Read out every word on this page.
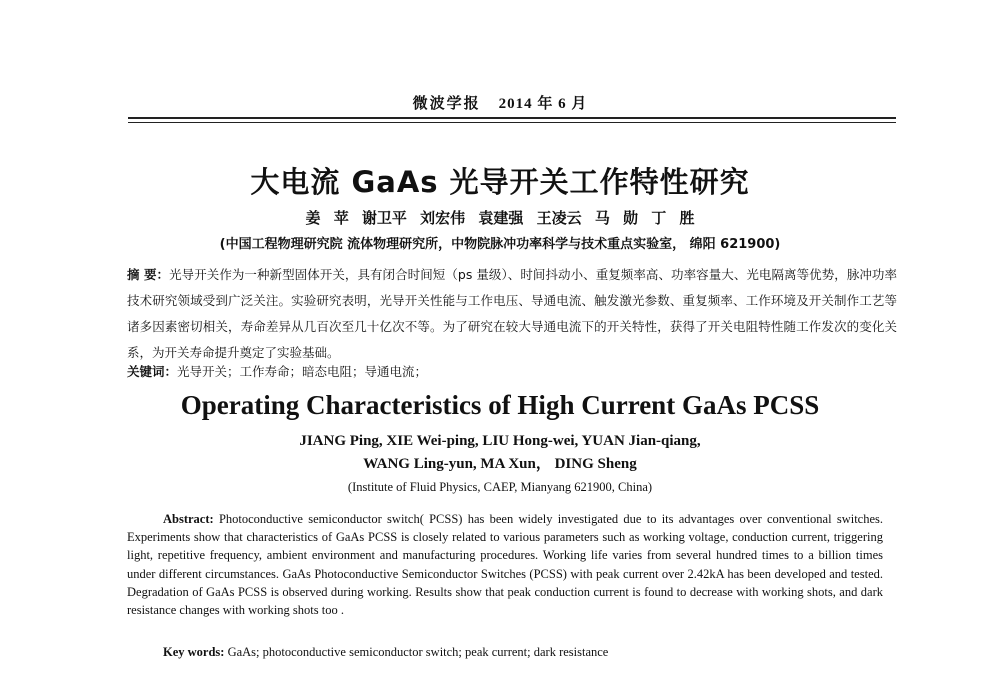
微波学报 2014 年 6 月
大电流 GaAs 光导开关工作特性研究
姜 苹 谢卫平 刘宏伟 袁建强 王凌云 马 勋 丁 胜
(中国工程物理研究院 流体物理研究所，中物院脉冲功率科学与技术重点实验室， 绵阳 621900)
摘 要：光导开关作为一种新型固体开关，具有闭合时间短（ps 量级）、时间抖动小、重复频率高、功率容量大、光电隔离等优势，脉冲功率技术研究领域受到广泛关注。实验研究表明，光导开关性能与工作电压、导通电流、触发激光参数、重复频率、工作环境及开关制作工艺等诸多因素密切相关，寿命差异从几百次至几十亿次不等。为了研究在较大导通电流下的开关特性，获得了开关电阻特性随工作发次的变化关系，为开关寿命提升奠定了实验基础。
关键词：光导开关；工作寿命；暗态电阻；导通电流；
Operating Characteristics of High Current GaAs PCSS
JIANG Ping, XIE Wei-ping, LIU Hong-wei, YUAN Jian-qiang,
WANG Ling-yun, MA Xun， DING Sheng
(Institute of Fluid Physics, CAEP, Mianyang 621900, China)
Abstract: Photoconductive semiconductor switch( PCSS) has been widely investigated due to its advantages over conventional switches. Experiments show that characteristics of GaAs PCSS is closely related to various parameters such as working voltage, conduction current, triggering light, repetitive frequency, ambient environment and manufacturing procedures. Working life varies from several hundred times to a billion times under different circumstances. GaAs Photoconductive Semiconductor Switches (PCSS) with peak current over 2.42kA has been developed and tested. Degradation of GaAs PCSS is observed during working. Results show that peak conduction current is found to decrease with working shots, and dark resistance changes with working shots too .
Key words: GaAs; photoconductive semiconductor switch; peak current; dark resistance
